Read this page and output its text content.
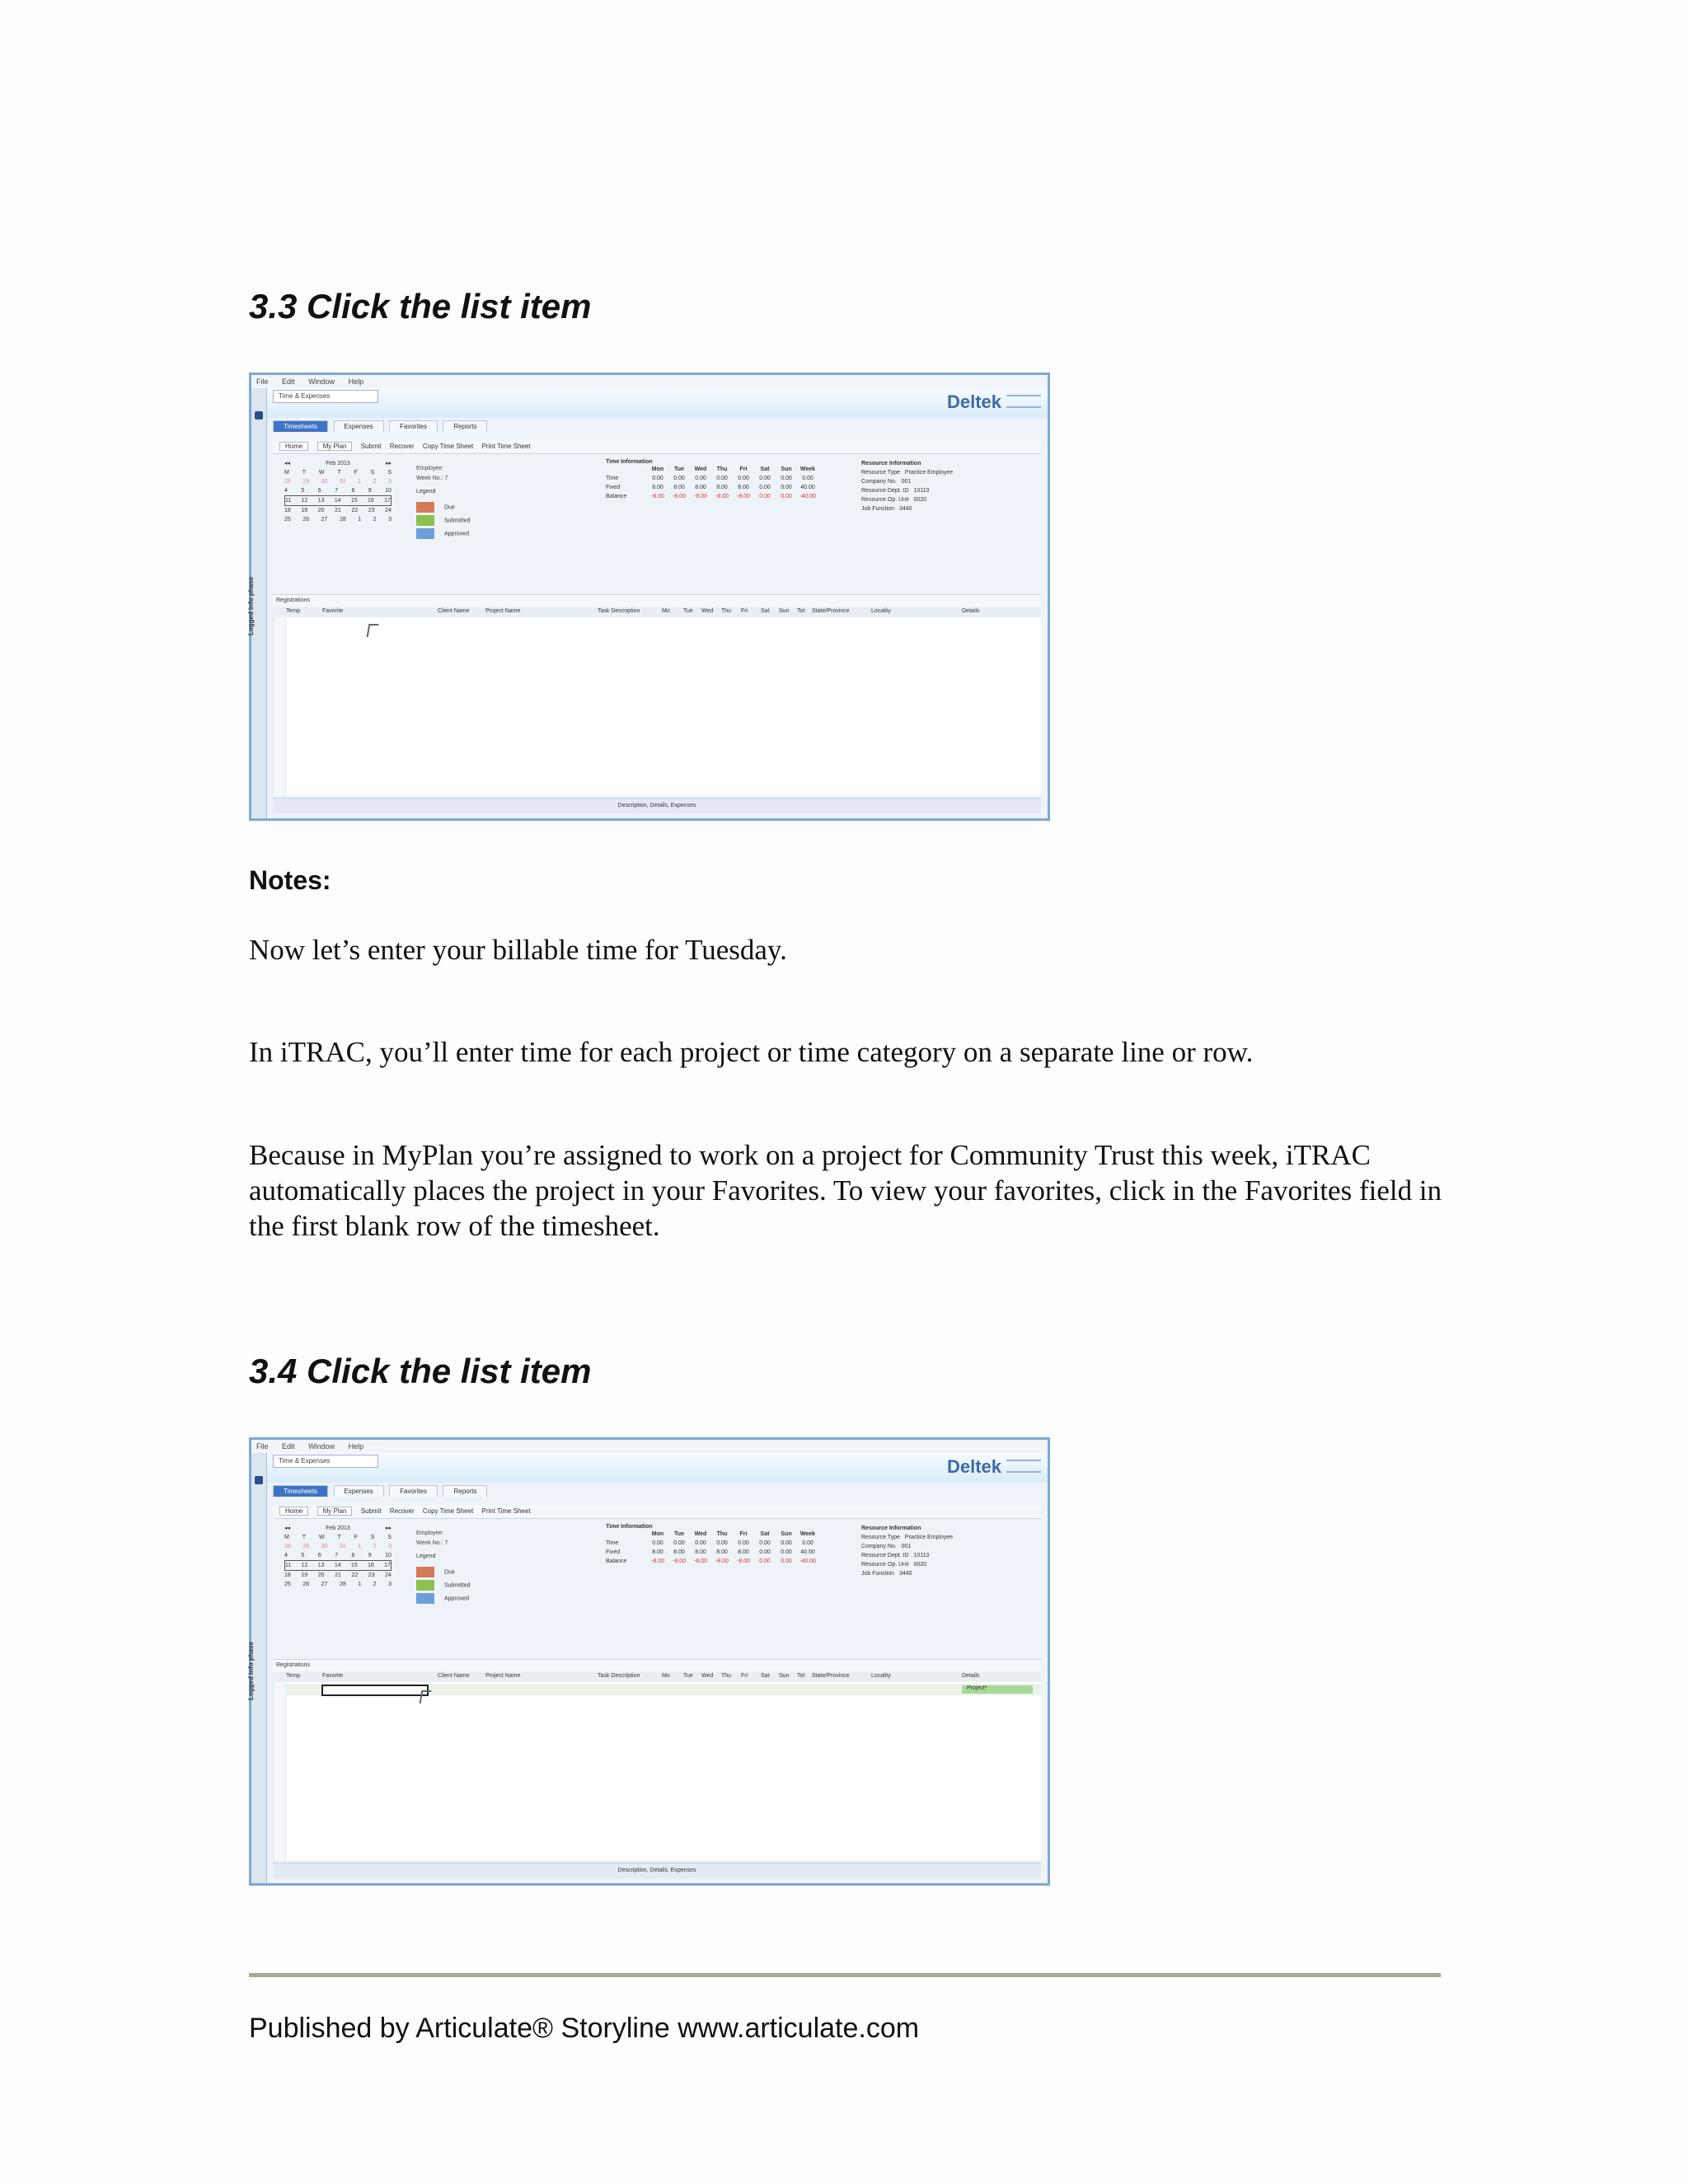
3.3 Click the list item
File Edit Window Help
Time & Expenses	Deltek
Logged info phase
Timesheets	Expenses	Favorites	Reports
Home	My Plan Submit Recover Copy Time Sheet Print Time Sheet
◂◂	Feb 2013	▸▸
M T W T F S S
28 29 30 31 1 2 3
4 5 6 7 8 9 10
11 12 13 14 15 16 17
18 19 20 21 22 23 24
25 26 27 28 1 2 3
Employee:
Week No.: 7
Legend
Due
Submitted
Approved
Time Information
	Mon	Tue	Wed	Thu	Fri	Sat	Sun	Week
Time	0.00	0.00	0.00	0.00	0.00	0.00	0.00	0.00
Fixed	8.00	8.00	8.00	8.00	8.00	0.00	0.00	40.00
Balance	-8.00	-8.00	-8.00	-8.00	-8.00	0.00	0.00	-40.00
Resource Information
Resource Type Practice Employee
Company No. 001
Resource Dept. ID 10110
Resource Op. Unit 0020
Job Function 3440
Registrations
Temp	Favorite	Client Name	Project Name	Task Description	Mo Tue Wed Thu Fri Sat Sun Tot State/Province	Locality	Details
Description, Details, Expenses
Notes:

Now let’s enter your billable time for Tuesday.

In iTRAC, you’ll enter time for each project or time category on a separate line or row.

Because in MyPlan you’re assigned to work on a project for Community Trust this week, iTRAC automatically places the project in your Favorites. To view your favorites, click in the Favorites field in the first blank row of the timesheet.

3.4 Click the list item
File Edit Window Help
Time & Expenses	Deltek
Logged info phase
Timesheets	Expenses	Favorites	Reports
Home	My Plan Submit Recover Copy Time Sheet Print Time Sheet
◂◂	Feb 2013	▸▸
M T W T F S S
28 29 30 31 1 2 3
4 5 6 7 8 9 10
11 12 13 14 15 16 17
18 19 20 21 22 23 24
25 26 27 28 1 2 3
Employee:
Week No.: 7
Legend
Due
Submitted
Approved
Time Information
	Mon	Tue	Wed	Thu	Fri	Sat	Sun	Week
Time	0.00	0.00	0.00	0.00	0.00	0.00	0.00	0.00
Fixed	8.00	8.00	8.00	8.00	8.00	0.00	0.00	40.00
Balance	-8.00	-8.00	-8.00	-8.00	-8.00	0.00	0.00	-40.00
Resource Information
Resource Type Practice Employee
Company No. 001
Resource Dept. ID 10110
Resource Op. Unit 0020
Job Function 3440
Registrations
Temp	Favorite	Client Name	Project Name	Task Description	Mo Tue Wed Thu Fri Sat Sun Tot State/Province	Locality	Details
Project*
Description, Details, Expenses
Published by Articulate® Storyline www.articulate.com
